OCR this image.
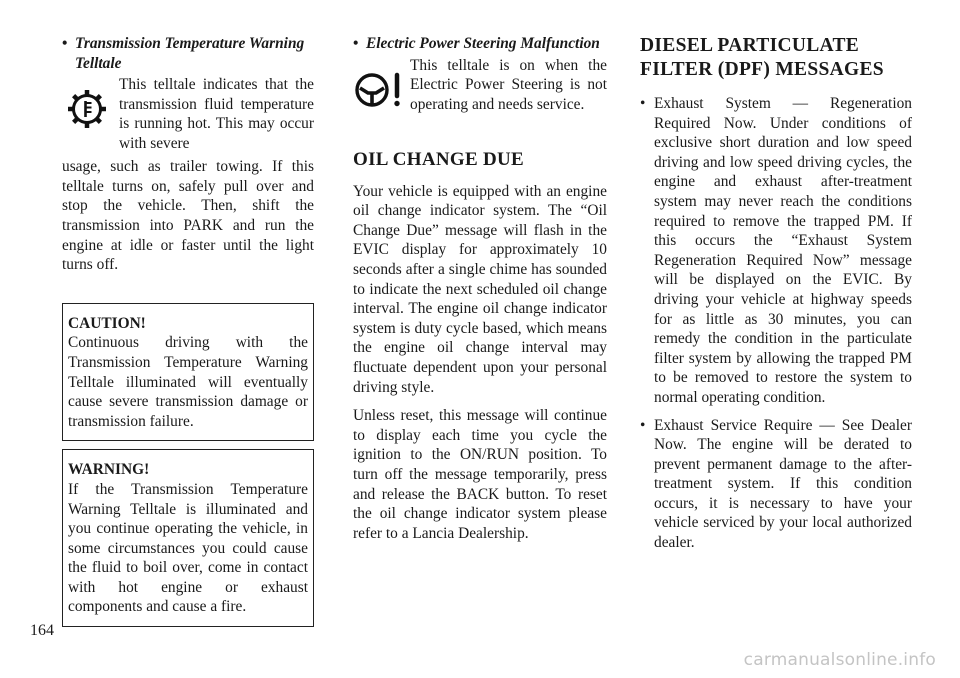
• Transmission Temperature Warning Telltale

This telltale indicates that the transmission fluid temperature is running hot. This may occur with severe

usage, such as trailer towing. If this telltale turns on, safely pull over and stop the vehicle. Then, shift the transmission into PARK and run the engine at idle or faster until the light turns off.

CAUTION!

Continuous driving with the Transmission Temperature Warning Telltale illuminated will eventually cause severe transmission damage or transmission failure.

WARNING!

If the Transmission Temperature Warning Telltale is illuminated and you continue operating the vehicle, in some circumstances you could cause the fluid to boil over, come in contact with hot engine or exhaust components and cause a fire.

• Electric Power Steering Malfunction

This telltale is on when the Electric Power Steering is not operating and needs service.

OIL CHANGE DUE

Your vehicle is equipped with an engine oil change indicator system. The “Oil Change Due” message will flash in the EVIC display for approximately 10 seconds after a single chime has sounded to indicate the next scheduled oil change interval. The engine oil change indicator system is duty cycle based, which means the engine oil change interval may fluctuate dependent upon your personal driving style.

Unless reset, this message will continue to display each time you cycle the ignition to the ON/RUN position. To turn off the message temporarily, press and release the BACK button. To reset the oil change indicator system please refer to a Lancia Dealership.

DIESEL PARTICULATE FILTER (DPF) MESSAGES
• Exhaust System — Regeneration Required Now. Under conditions of exclusive short duration and low speed driving and low speed driving cycles, the engine and exhaust after-treatment system may never reach the conditions required to remove the trapped PM. If this occurs the “Exhaust System Regeneration Required Now” message will be displayed on the EVIC. By driving your vehicle at highway speeds for as little as 30 minutes, you can remedy the condition in the particulate filter system by allowing the trapped PM to be removed to restore the system to normal operating condition.
• Exhaust Service Require — See Dealer Now. The engine will be derated to prevent permanent damage to the after-treatment system. If this condition occurs, it is necessary to have your vehicle serviced by your local authorized dealer.
164
carmanualsonline.info
